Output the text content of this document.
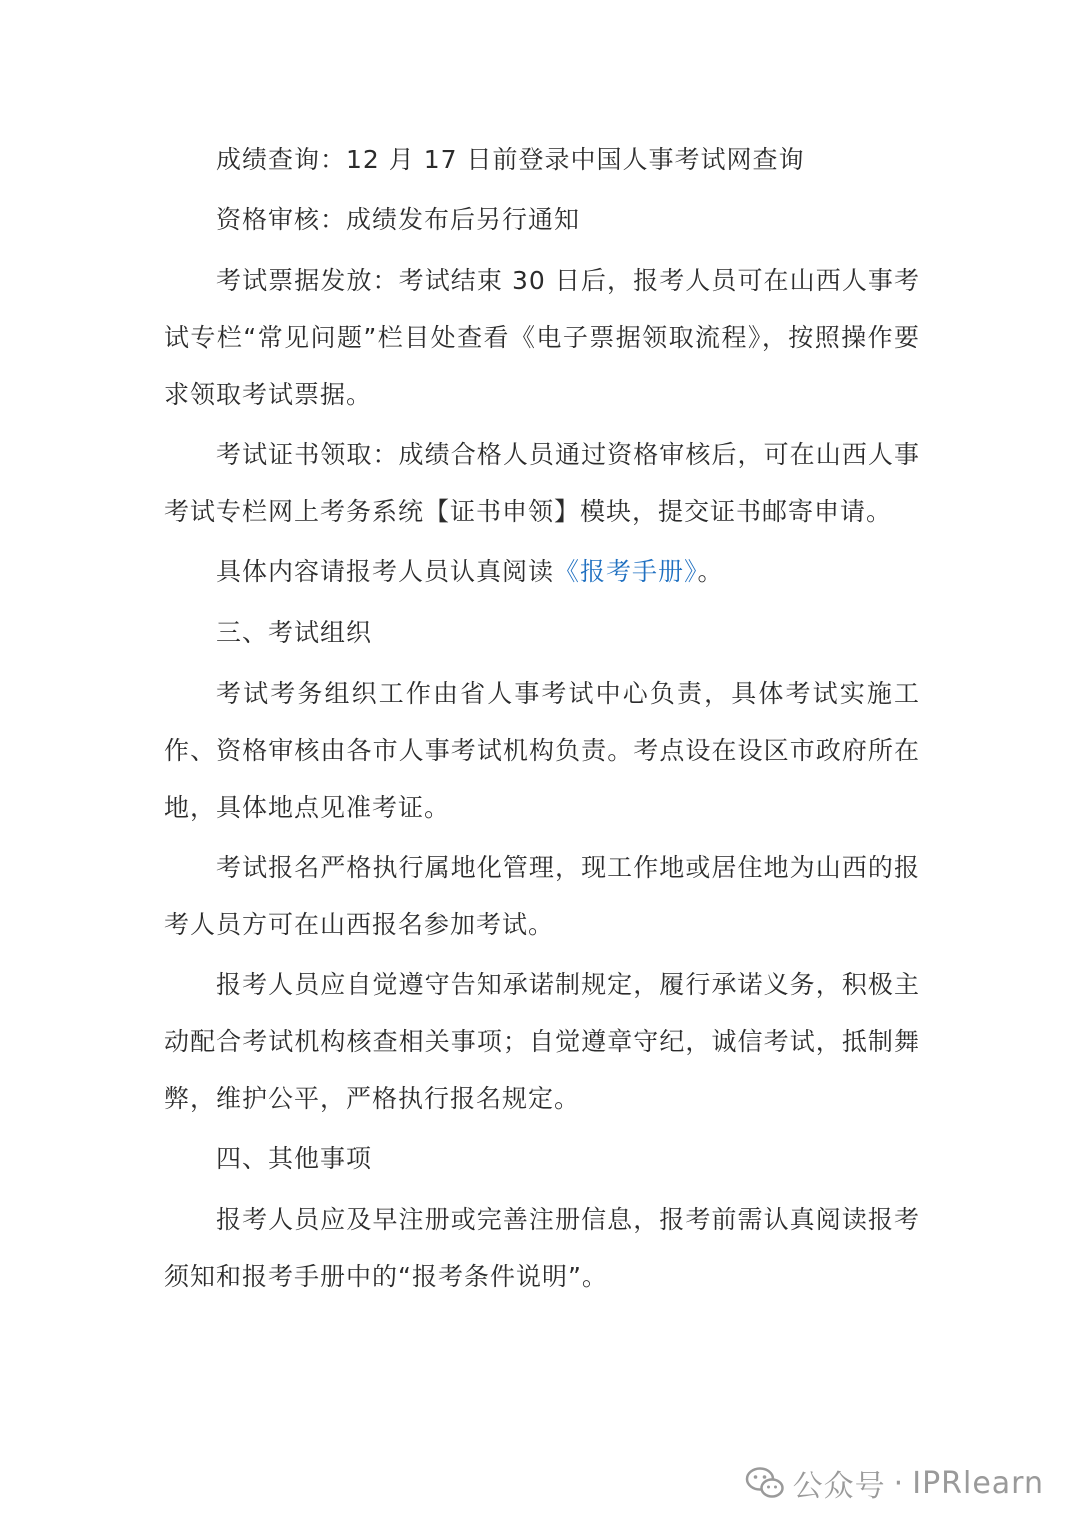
成绩查询：12 月 17 日前登录中国人事考试网查询

资格审核：成绩发布后另行通知

考试票据发放：考试结束 30 日后，报考人员可在山西人事考试专栏“常见问题”栏目处查看《电子票据领取流程》，按照操作要求领取考试票据。

考试证书领取：成绩合格人员通过资格审核后，可在山西人事考试专栏网上考务系统【证书申领】模块，提交证书邮寄申请。

具体内容请报考人员认真阅读《报考手册》。

三、考试组织

考试考务组织工作由省人事考试中心负责，具体考试实施工作、资格审核由各市人事考试机构负责。考点设在设区市政府所在地，具体地点见准考证。

考试报名严格执行属地化管理，现工作地或居住地为山西的报考人员方可在山西报名参加考试。

报考人员应自觉遵守告知承诺制规定，履行承诺义务，积极主动配合考试机构核查相关事项；自觉遵章守纪，诚信考试，抵制舞弊，维护公平，严格执行报名规定。

四、其他事项

报考人员应及早注册或完善注册信息，报考前需认真阅读报考须知和报考手册中的“报考条件说明”。

公众号 · IPRlearn
